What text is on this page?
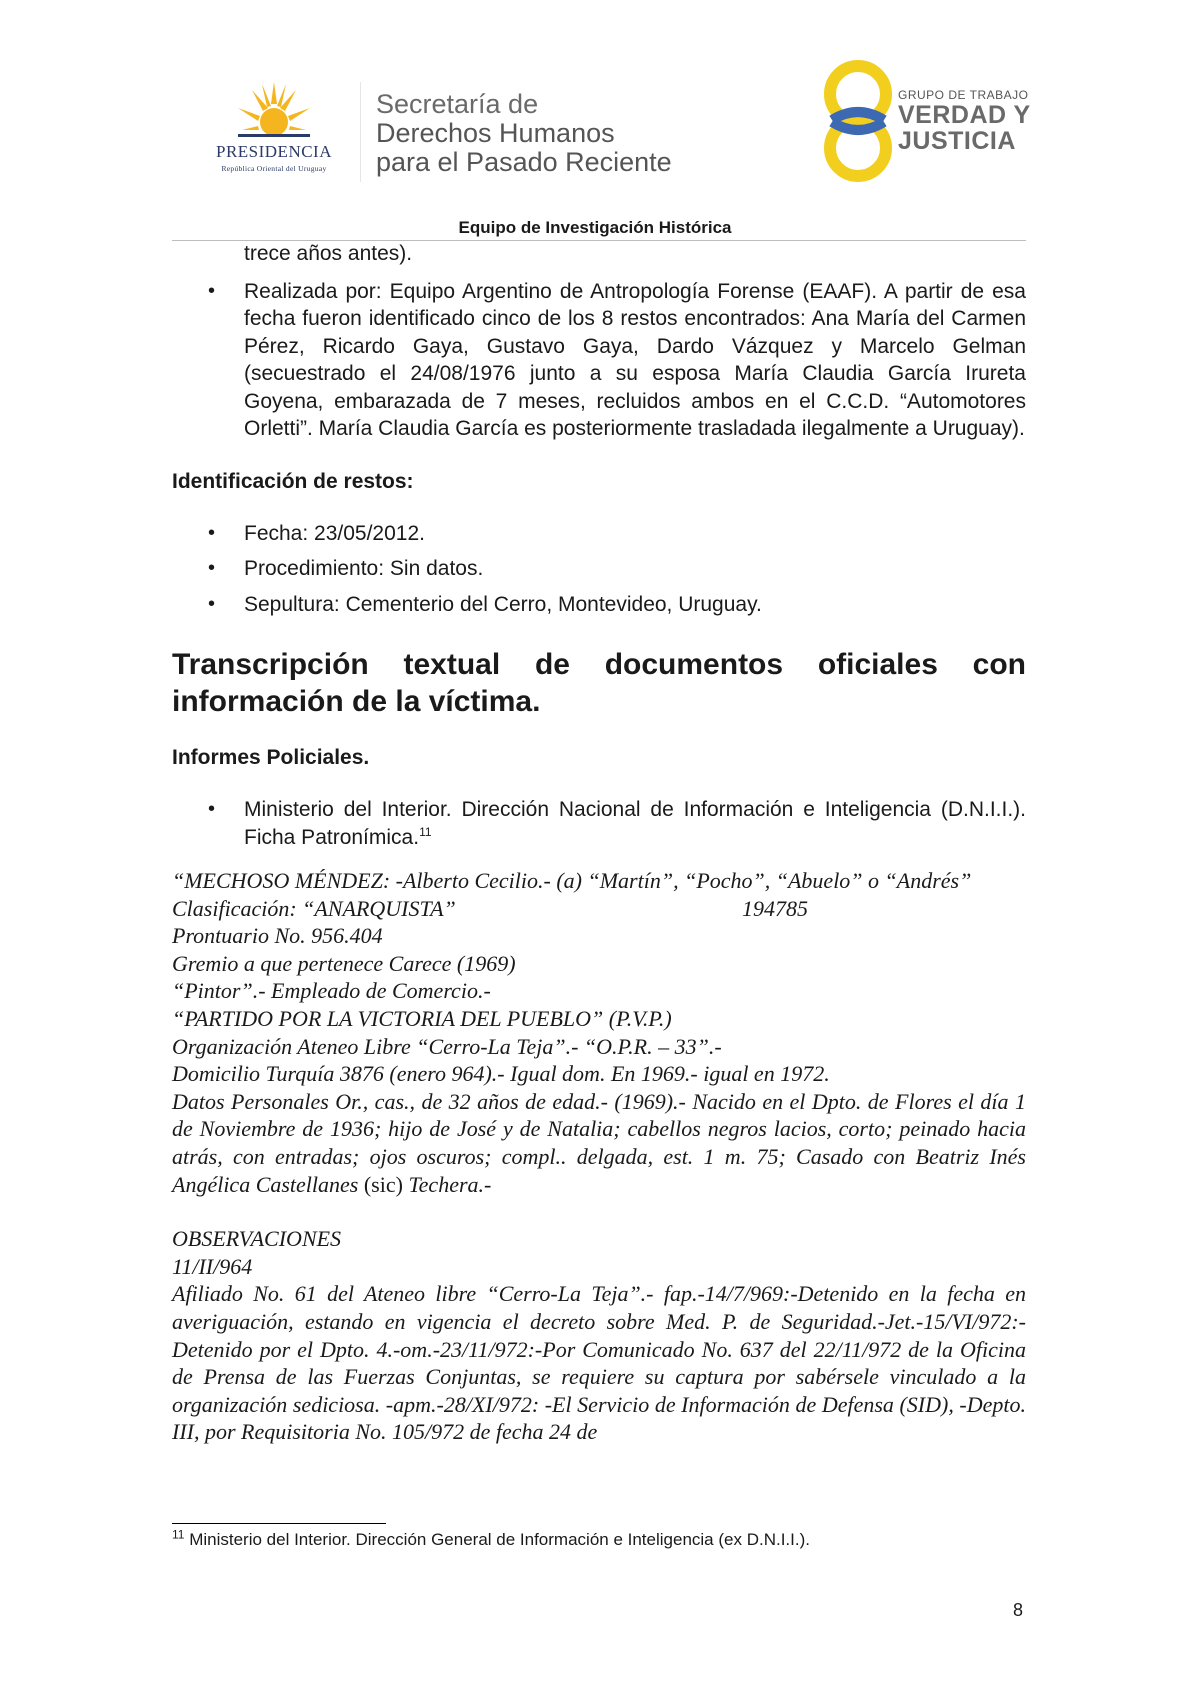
PRESIDENCIA
República Oriental del Uruguay
Secretaría de
Derechos Humanos
para el Pasado Reciente
GRUPO DE TRABAJO
VERDAD Y
JUSTICIA
Equipo de Investigación Histórica
trece años antes).
• Realizada por: Equipo Argentino de Antropología Forense (EAAF). A partir de esa fecha fueron identificado cinco de los 8 restos encontrados: Ana María del Carmen Pérez, Ricardo Gaya, Gustavo Gaya, Dardo Vázquez y Marcelo Gelman (secuestrado el 24/08/1976 junto a su esposa María Claudia García Irureta Goyena, embarazada de 7 meses, recluidos ambos en el C.C.D. “Automotores Orletti”. María Claudia García es posteriormente trasladada ilegalmente a Uruguay).
Identificación de restos:
• Fecha: 23/05/2012.
• Procedimiento: Sin datos.
• Sepultura: Cementerio del Cerro, Montevideo, Uruguay.
Transcripción textual de documentos oficiales con información de la víctima.
Informes Policiales.
• Ministerio del Interior. Dirección Nacional de Información e Inteligencia (D.N.I.I.). Ficha Patronímica.$^{11}$
“MECHOSO MÉNDEZ: -Alberto Cecilio.- (a) “Martín”, “Pocho”, “Abuelo” o “Andrés”
Clasificación: “ANARQUISTA”	194785
Prontuario No. 956.404
Gremio a que pertenece Carece (1969)
“Pintor”.- Empleado de Comercio.-
“PARTIDO POR LA VICTORIA DEL PUEBLO” (P.V.P.)
Organización Ateneo Libre “Cerro-La Teja”.- “O.P.R. – 33”.-
Domicilio Turquía 3876 (enero 964).- Igual dom. En 1969.- igual en 1972.
Datos Personales Or., cas., de 32 años de edad.- (1969).- Nacido en el Dpto. de Flores el día 1 de Noviembre de 1936; hijo de José y de Natalia; cabellos negros lacios, corto; peinado hacia atrás, con entradas; ojos oscuros; compl.. delgada, est. 1 m. 75; Casado con Beatriz Inés Angélica Castellanes (sic) Techera.-
OBSERVACIONES
11/II/964
Afiliado No. 61 del Ateneo libre “Cerro-La Teja”.- fap.-14/7/969:-Detenido en la fecha en averiguación, estando en vigencia el decreto sobre Med. P. de Seguridad.-Jet.-15/VI/972:-Detenido por el Dpto. 4.-om.-23/11/972:-Por Comunicado No. 637 del 22/11/972 de la Oficina de Prensa de las Fuerzas Conjuntas, se requiere su captura por sabérsele vinculado a la organización sediciosa. -apm.-28/XI/972: -El Servicio de Información de Defensa (SID), -Depto. III, por Requisitoria No. 105/972 de fecha 24 de
$^{11}$ Ministerio del Interior. Dirección General de Información e Inteligencia (ex D.N.I.I.).
8
